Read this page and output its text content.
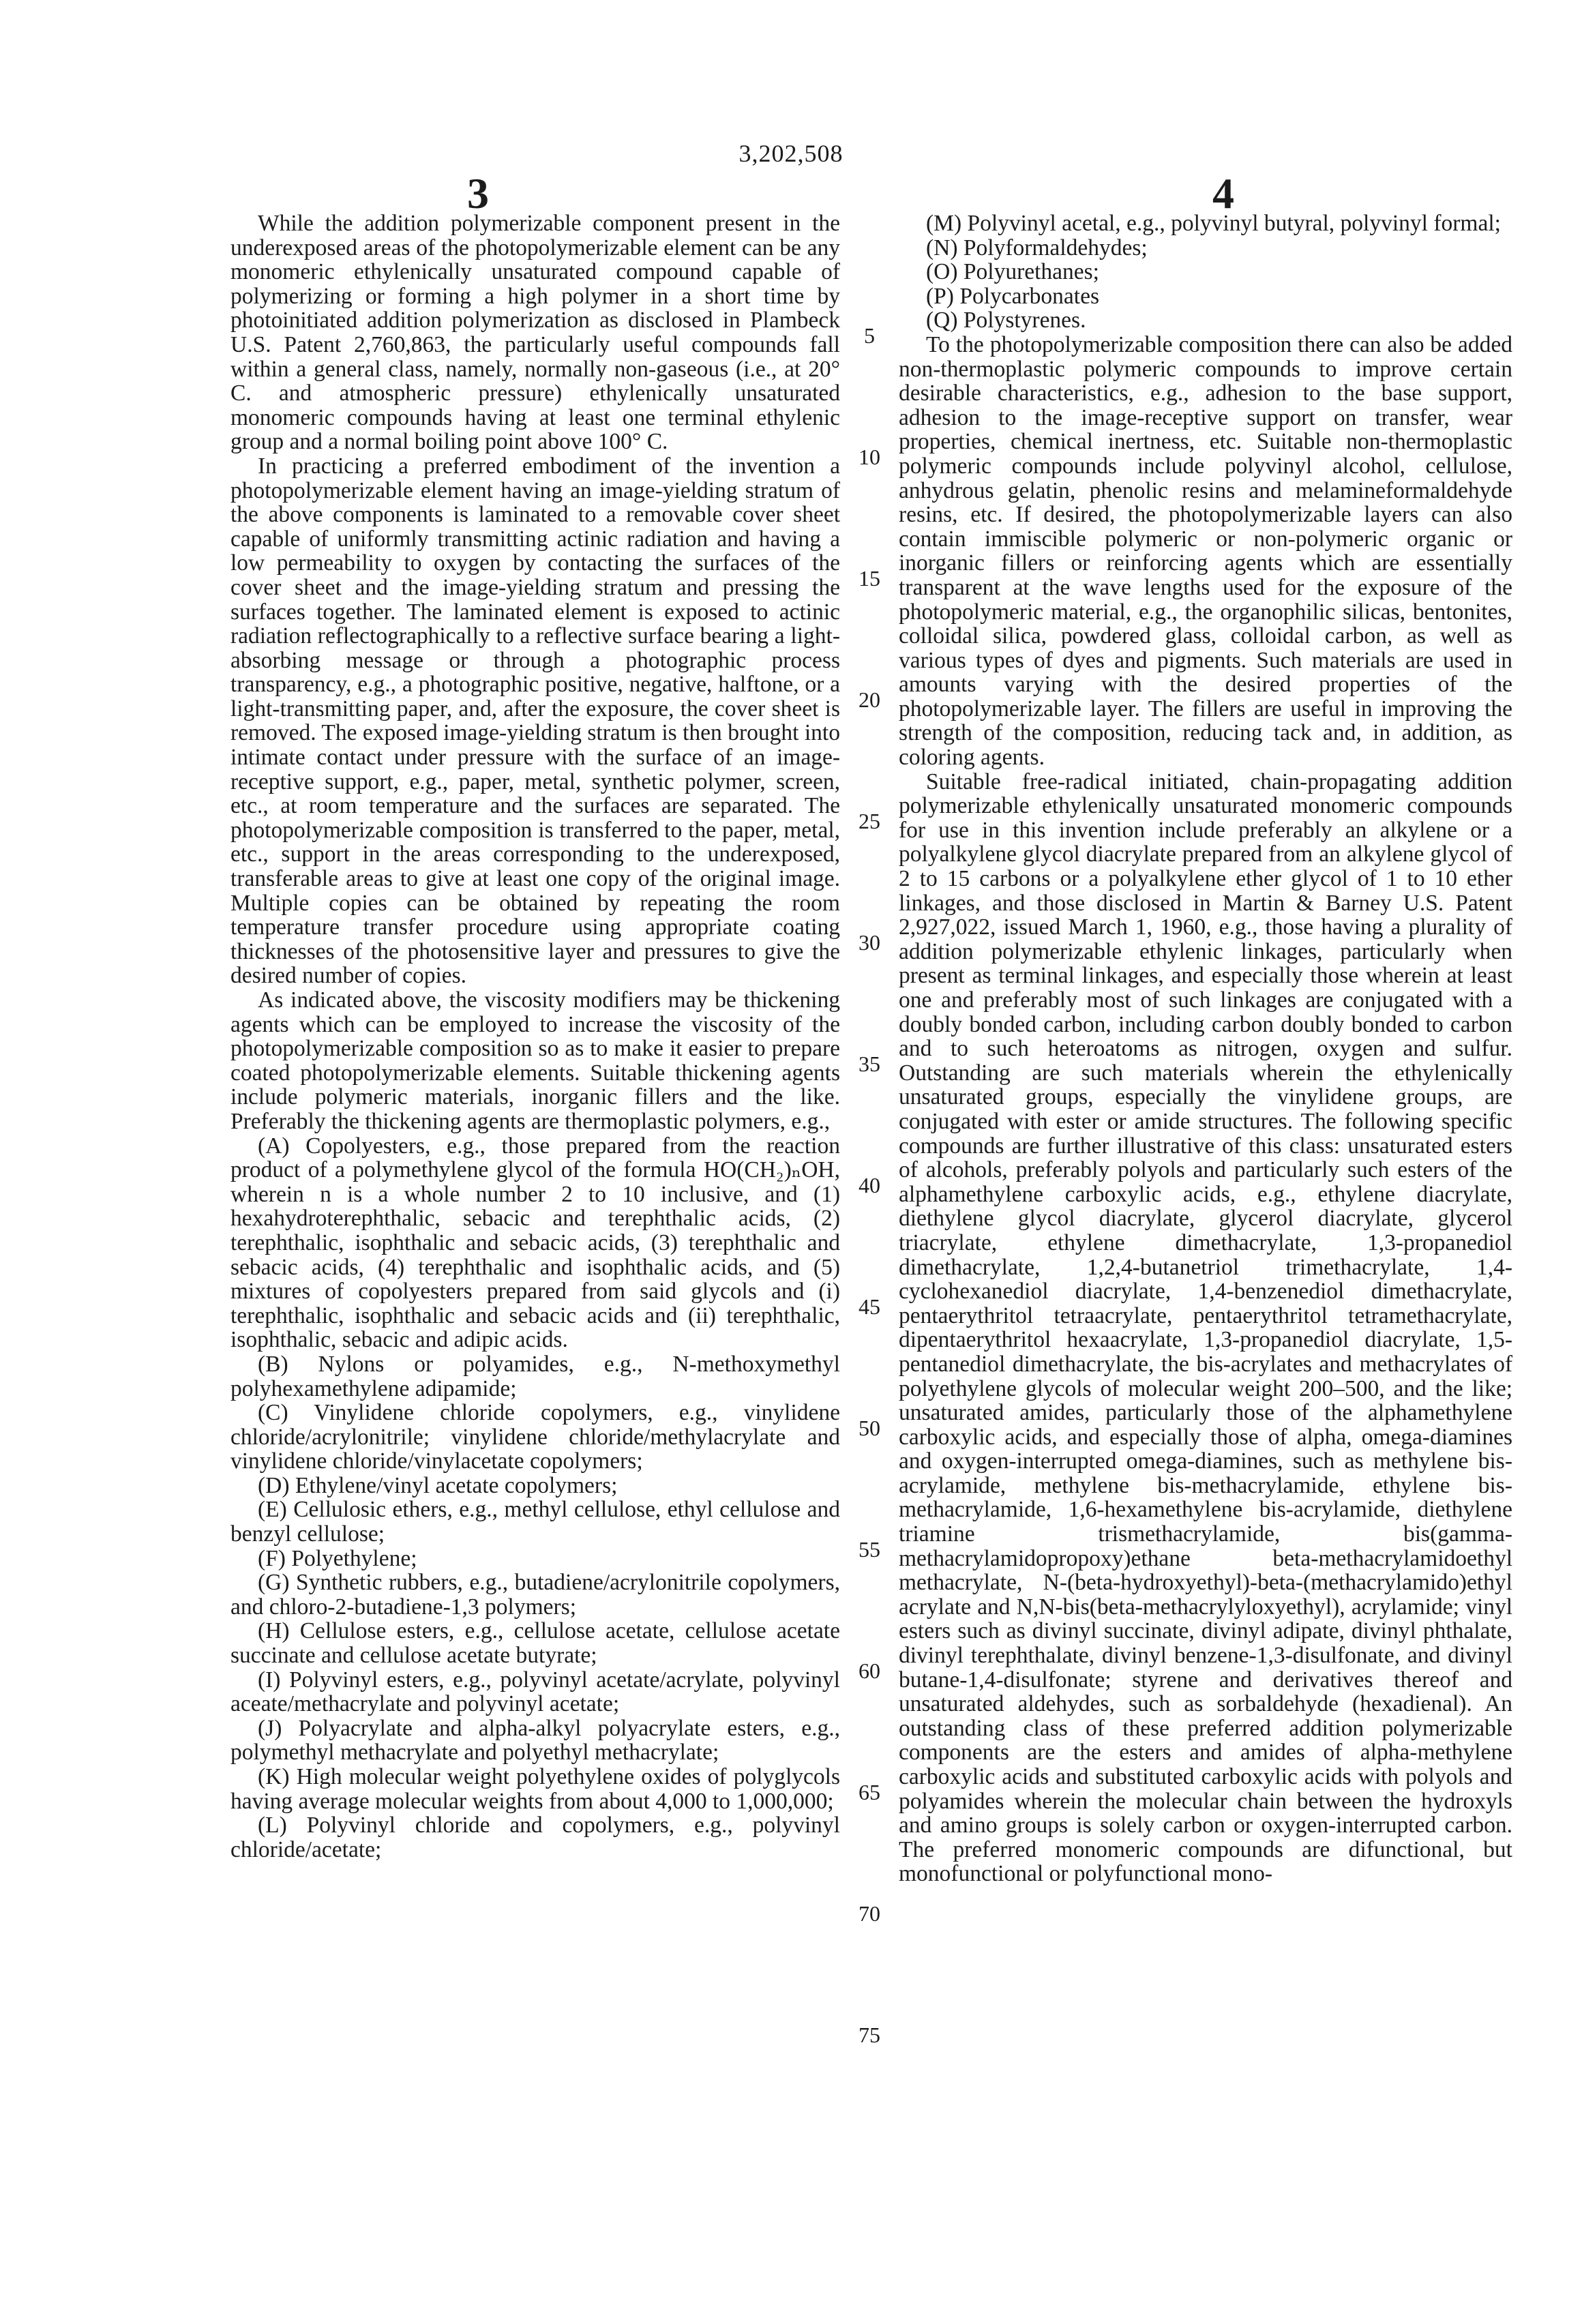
3,202,508
3	4

While the addition polymerizable component present in the underexposed areas of the photopolymerizable element can be any monomeric ethylenically unsaturated compound capable of polymerizing or forming a high polymer in a short time by photoinitiated addition polymerization as disclosed in Plambeck U.S. Patent 2,760,863, the particularly useful compounds fall within a general class, namely, normally non-gaseous (i.e., at 20° C. and atmospheric pressure) ethylenically unsaturated monomeric compounds having at least one terminal ethylenic group and a normal boiling point above 100° C.

In practicing a preferred embodiment of the invention a photopolymerizable element having an image-yielding stratum of the above components is laminated to a removable cover sheet capable of uniformly transmitting actinic radiation and having a low permeability to oxygen by contacting the surfaces of the cover sheet and the image-yielding stratum and pressing the surfaces together. The laminated element is exposed to actinic radiation reflectographically to a reflective surface bearing a light-absorbing message or through a photographic process transparency, e.g., a photographic positive, negative, halftone, or a light-transmitting paper, and, after the exposure, the cover sheet is removed. The exposed image-yielding stratum is then brought into intimate contact under pressure with the surface of an image-receptive support, e.g., paper, metal, synthetic polymer, screen, etc., at room temperature and the surfaces are separated. The photopolymerizable composition is transferred to the paper, metal, etc., support in the areas corresponding to the underexposed, transferable areas to give at least one copy of the original image. Multiple copies can be obtained by repeating the room temperature transfer procedure using appropriate coating thicknesses of the photosensitive layer and pressures to give the desired number of copies.

As indicated above, the viscosity modifiers may be thickening agents which can be employed to increase the viscosity of the photopolymerizable composition so as to make it easier to prepare coated photopolymerizable elements. Suitable thickening agents include polymeric materials, inorganic fillers and the like. Preferably the thickening agents are thermoplastic polymers, e.g.,

(A) Copolyesters, e.g., those prepared from the reaction product of a polymethylene glycol of the formula HO(CH₂)ₙOH, wherein n is a whole number 2 to 10 inclusive, and (1) hexahydroterephthalic, sebacic and terephthalic acids, (2) terephthalic, isophthalic and sebacic acids, (3) terephthalic and sebacic acids, (4) terephthalic and isophthalic acids, and (5) mixtures of copolyesters prepared from said glycols and (i) terephthalic, isophthalic and sebacic acids and (ii) terephthalic, isophthalic, sebacic and adipic acids.

(B) Nylons or polyamides, e.g., N-methoxymethyl polyhexamethylene adipamide;

(C) Vinylidene chloride copolymers, e.g., vinylidene chloride/acrylonitrile; vinylidene chloride/methylacrylate and vinylidene chloride/vinylacetate copolymers;

(D) Ethylene/vinyl acetate copolymers;

(E) Cellulosic ethers, e.g., methyl cellulose, ethyl cellulose and benzyl cellulose;

(F) Polyethylene;

(G) Synthetic rubbers, e.g., butadiene/acrylonitrile copolymers, and chloro-2-butadiene-1,3 polymers;

(H) Cellulose esters, e.g., cellulose acetate, cellulose acetate succinate and cellulose acetate butyrate;

(I) Polyvinyl esters, e.g., polyvinyl acetate/acrylate, polyvinyl aceate/methacrylate and polyvinyl acetate;

(J) Polyacrylate and alpha-alkyl polyacrylate esters, e.g., polymethyl methacrylate and polyethyl methacrylate;

(K) High molecular weight polyethylene oxides of polyglycols having average molecular weights from about 4,000 to 1,000,000;

(L) Polyvinyl chloride and copolymers, e.g., polyvinyl chloride/acetate;

5
10
15
20
25
30
35
40
45
50
55
60
65
70
75

(M) Polyvinyl acetal, e.g., polyvinyl butyral, polyvinyl formal;

(N) Polyformaldehydes;

(O) Polyurethanes;

(P) Polycarbonates

(Q) Polystyrenes.

To the photopolymerizable composition there can also be added non-thermoplastic polymeric compounds to improve certain desirable characteristics, e.g., adhesion to the base support, adhesion to the image-receptive support on transfer, wear properties, chemical inertness, etc. Suitable non-thermoplastic polymeric compounds include polyvinyl alcohol, cellulose, anhydrous gelatin, phenolic resins and melamineformaldehyde resins, etc. If desired, the photopolymerizable layers can also contain immiscible polymeric or non-polymeric organic or inorganic fillers or reinforcing agents which are essentially transparent at the wave lengths used for the exposure of the photopolymeric material, e.g., the organophilic silicas, bentonites, colloidal silica, powdered glass, colloidal carbon, as well as various types of dyes and pigments. Such materials are used in amounts varying with the desired properties of the photopolymerizable layer. The fillers are useful in improving the strength of the composition, reducing tack and, in addition, as coloring agents.

Suitable free-radical initiated, chain-propagating addition polymerizable ethylenically unsaturated monomeric compounds for use in this invention include preferably an alkylene or a polyalkylene glycol diacrylate prepared from an alkylene glycol of 2 to 15 carbons or a polyalkylene ether glycol of 1 to 10 ether linkages, and those disclosed in Martin & Barney U.S. Patent 2,927,022, issued March 1, 1960, e.g., those having a plurality of addition polymerizable ethylenic linkages, particularly when present as terminal linkages, and especially those wherein at least one and preferably most of such linkages are conjugated with a doubly bonded carbon, including carbon doubly bonded to carbon and to such heteroatoms as nitrogen, oxygen and sulfur. Outstanding are such materials wherein the ethylenically unsaturated groups, especially the vinylidene groups, are conjugated with ester or amide structures. The following specific compounds are further illustrative of this class: unsaturated esters of alcohols, preferably polyols and particularly such esters of the alphamethylene carboxylic acids, e.g., ethylene diacrylate, diethylene glycol diacrylate, glycerol diacrylate, glycerol triacrylate, ethylene dimethacrylate, 1,3-propanediol dimethacrylate, 1,2,4-butanetriol trimethacrylate, 1,4-cyclohexanediol diacrylate, 1,4-benzenediol dimethacrylate, pentaerythritol tetraacrylate, pentaerythritol tetramethacrylate, dipentaerythritol hexaacrylate, 1,3-propanediol diacrylate, 1,5-pentanediol dimethacrylate, the bis-acrylates and methacrylates of polyethylene glycols of molecular weight 200–500, and the like; unsaturated amides, particularly those of the alphamethylene carboxylic acids, and especially those of alpha, omega-diamines and oxygen-interrupted omega-diamines, such as methylene bis-acrylamide, methylene bis-methacrylamide, ethylene bis-methacrylamide, 1,6-hexamethylene bis-acrylamide, diethylene triamine trismethacrylamide, bis(gamma-methacrylamidopropoxy)ethane beta-methacrylamidoethyl methacrylate, N-(beta-hydroxyethyl)-beta-(methacrylamido)ethyl acrylate and N,N-bis(beta-methacrylyloxyethyl), acrylamide; vinyl esters such as divinyl succinate, divinyl adipate, divinyl phthalate, divinyl terephthalate, divinyl benzene-1,3-disulfonate, and divinyl butane-1,4-disulfonate; styrene and derivatives thereof and unsaturated aldehydes, such as sorbaldehyde (hexadienal). An outstanding class of these preferred addition polymerizable components are the esters and amides of alpha-methylene carboxylic acids and substituted carboxylic acids with polyols and polyamides wherein the molecular chain between the hydroxyls and amino groups is solely carbon or oxygen-interrupted carbon. The preferred monomeric compounds are difunctional, but monofunctional or polyfunctional mono-
